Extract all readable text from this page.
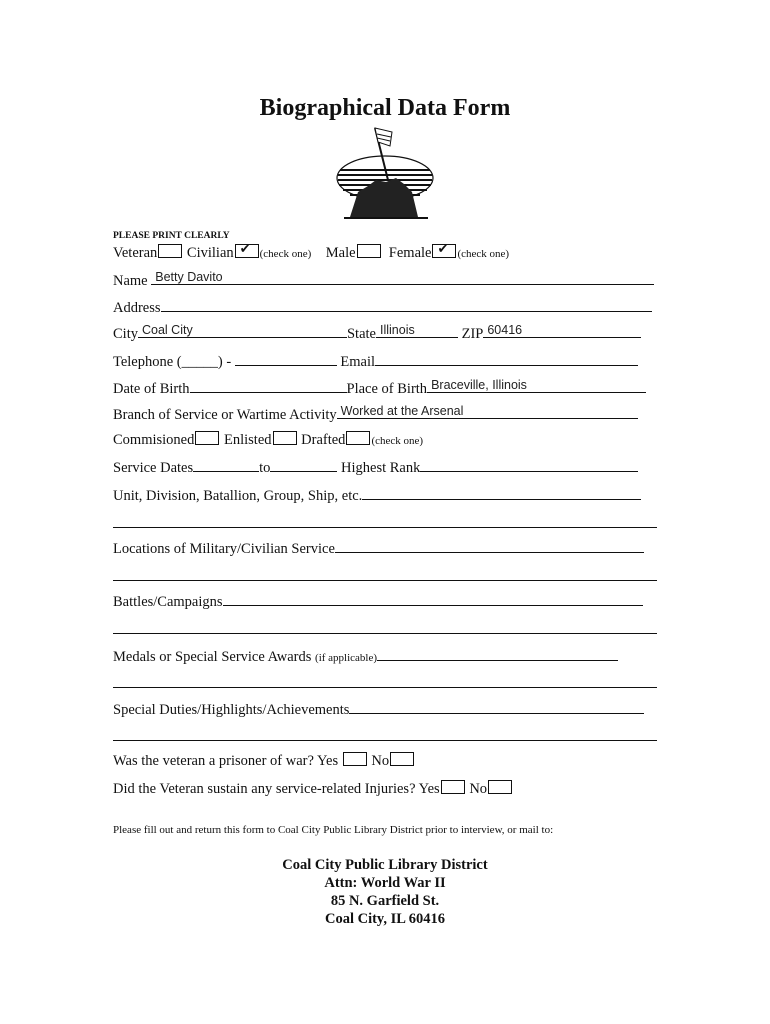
Biographical Data Form
PLEASE PRINT CLEARLY
Veteran Civilian ✔ (check one) Male Female ✔ (check one)
Name Betty Davito
Address
City Coal City	State Illinois	ZIP 60416
Telephone (_____) -	Email
Date of Birth	Place of Birth Braceville, Illinois
Branch of Service or Wartime Activity Worked at the Arsenal
Commisioned Enlisted Drafted (check one)
Service Dates	to	Highest Rank
Unit, Division, Batallion, Group, Ship, etc.
Locations of Military/Civilian Service
Battles/Campaigns
Medals or Special Service Awards (if applicable)
Special Duties/Highlights/Achievements
Was the veteran a prisoner of war? Yes No
Did the Veteran sustain any service-related Injuries? Yes No
Please fill out and return this form to Coal City Public Library District prior to interview, or mail to:
Coal City Public Library District
Attn: World War II
85 N. Garfield St.
Coal City, IL 60416
